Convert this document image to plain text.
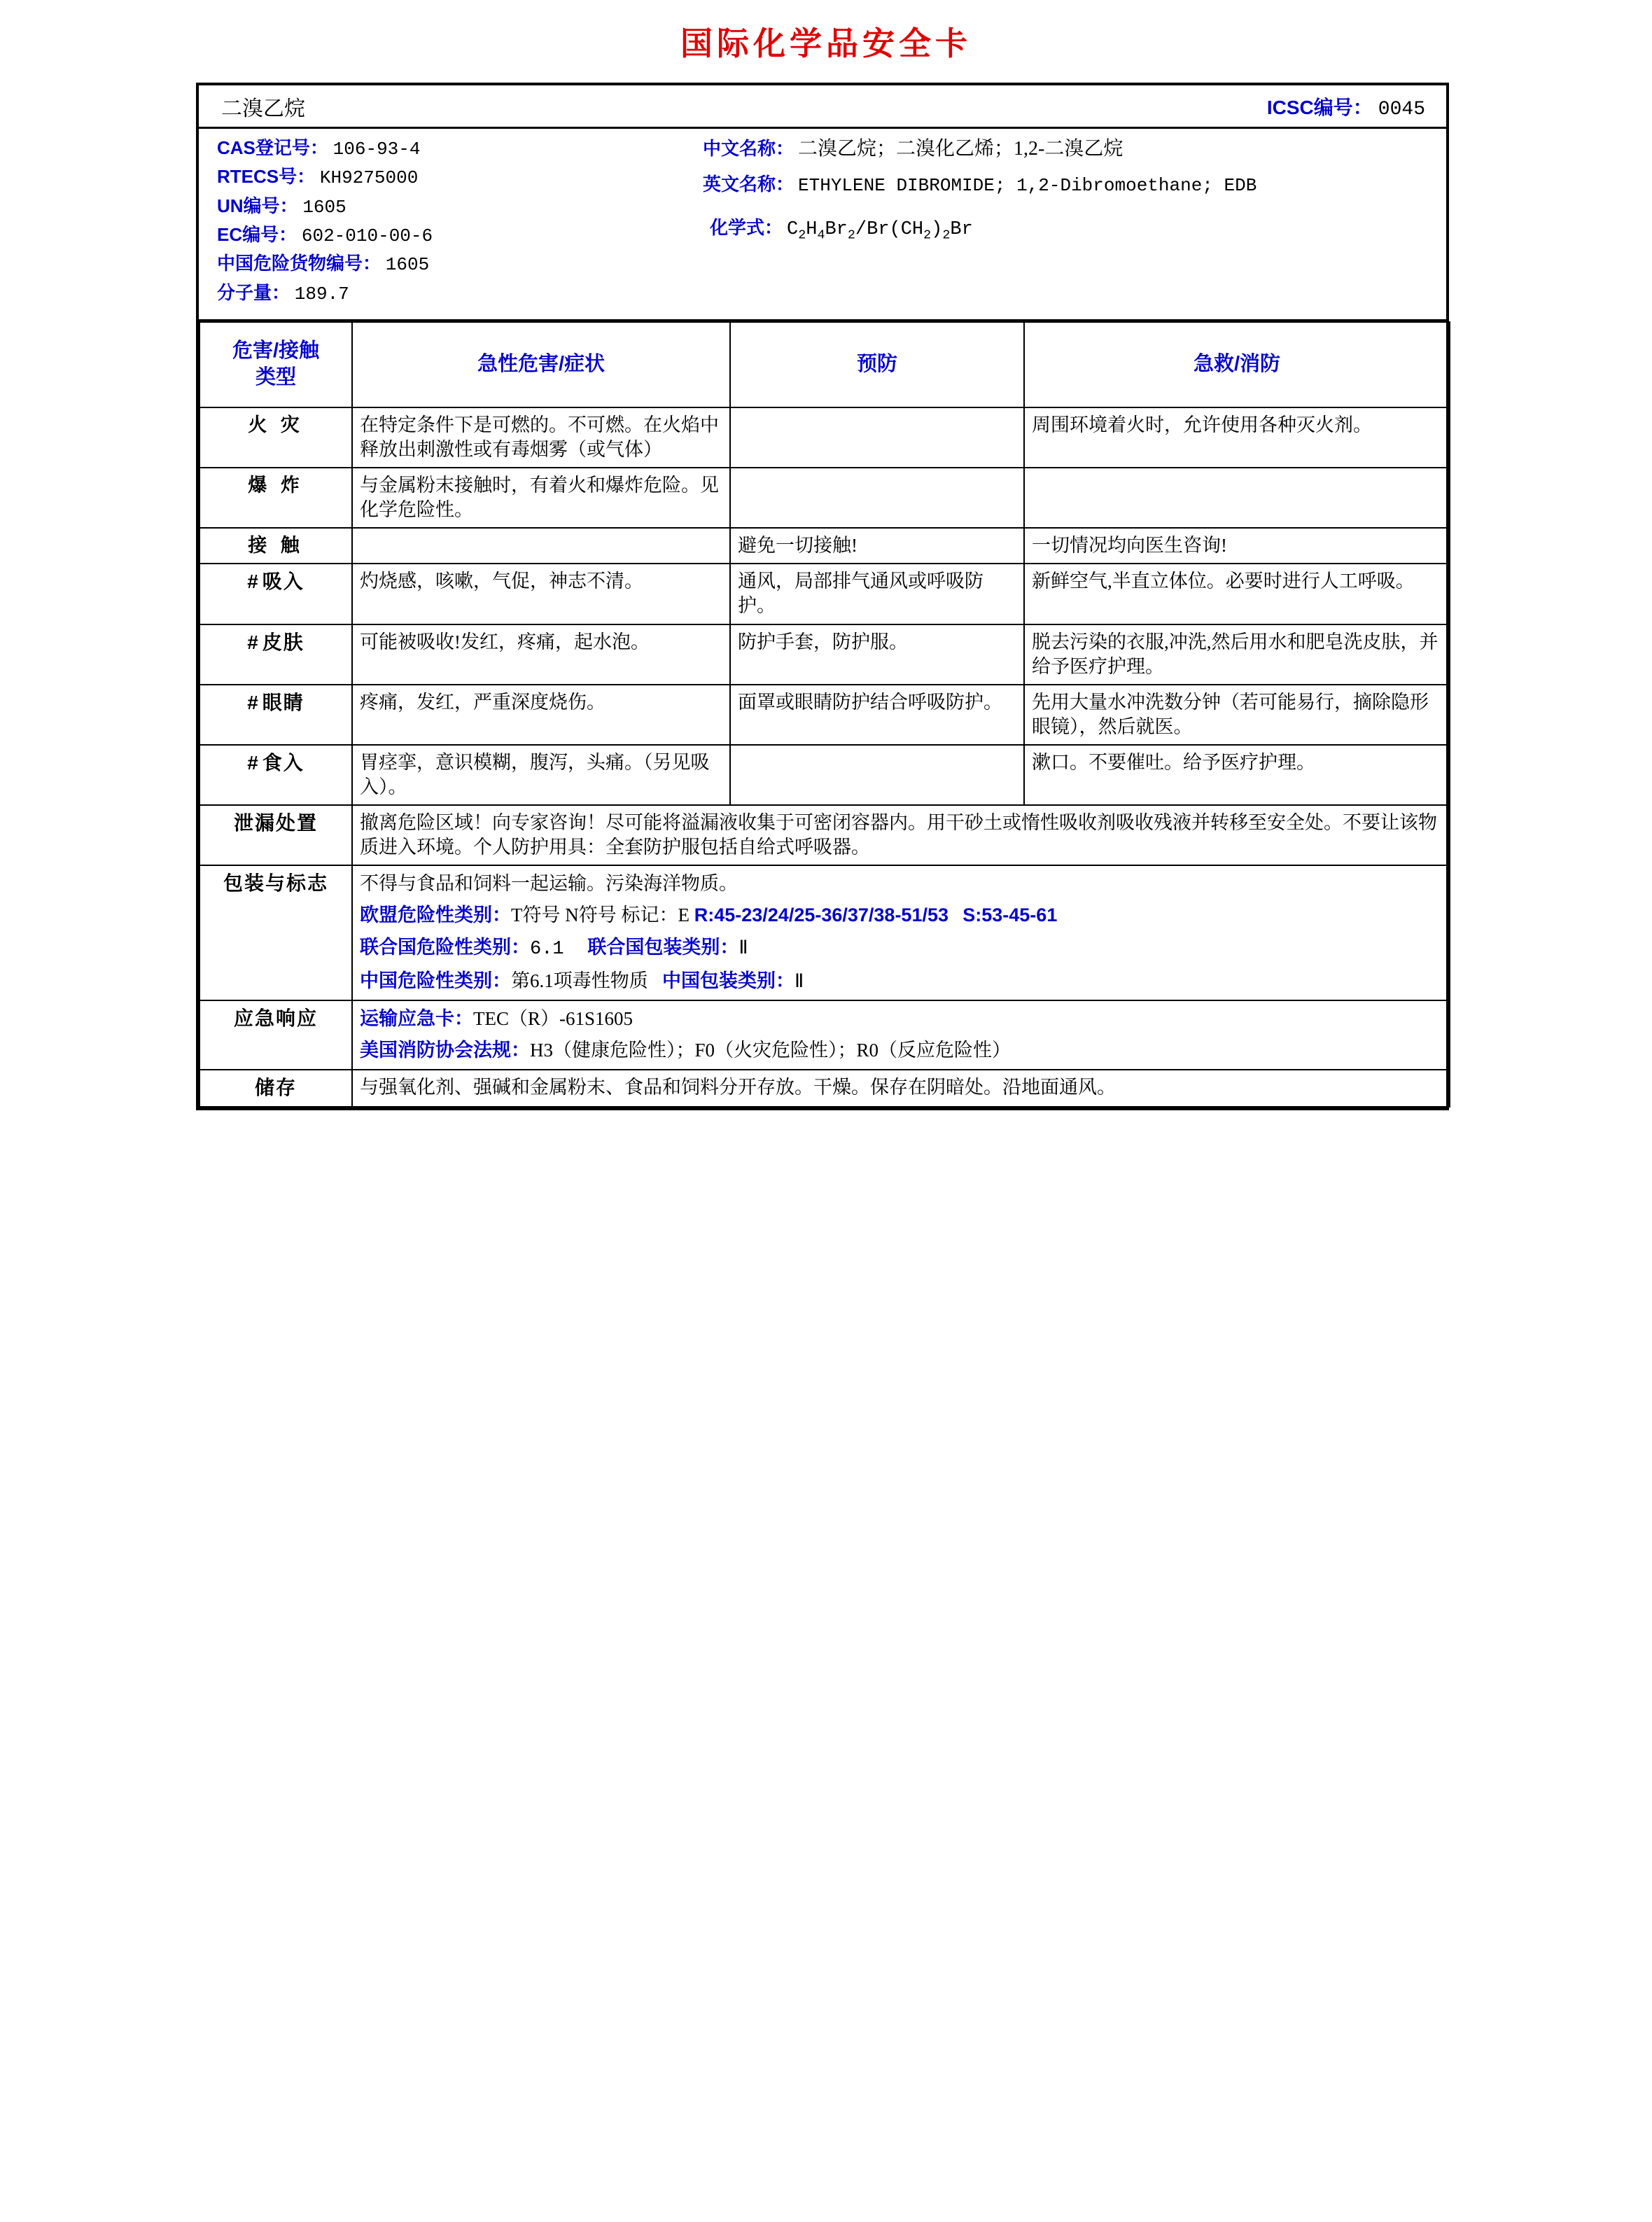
国际化学品安全卡
二溴乙烷	ICSC编号： 0045
CAS登记号： 106-93-4
RTECS号： KH9275000
UN编号： 1605
EC编号： 602-010-00-6
中国危险货物编号： 1605
分子量： 189.7
中文名称： 二溴乙烷；二溴化乙烯；1,2-二溴乙烷
英文名称： ETHYLENE DIBROMIDE; 1,2-Dibromoethane; EDB
化学式： $C_2H_4Br_2/Br(CH_2)_2Br$
危害/接触
类型	急性危害/症状	预防	急救/消防
火 灾	在特定条件下是可燃的。不可燃。在火焰中释放出刺激性或有毒烟雾（或气体）		周围环境着火时，允许使用各种灭火剂。
爆 炸	与金属粉末接触时，有着火和爆炸危险。见化学危险性。		
接 触		避免一切接触!	一切情况均向医生咨询!
# 吸入	灼烧感，咳嗽，气促，神志不清。	通风，局部排气通风或呼吸防护。	新鲜空气,半直立体位。必要时进行人工呼吸。
# 皮肤	可能被吸收!发红，疼痛，起水泡。	防护手套，防护服。	脱去污染的衣服,冲洗,然后用水和肥皂洗皮肤，并给予医疗护理。
# 眼睛	疼痛，发红，严重深度烧伤。	面罩或眼睛防护结合呼吸防护。	先用大量水冲洗数分钟（若可能易行，摘除隐形眼镜），然后就医。
# 食入	胃痉挛，意识模糊，腹泻，头痛。（另见吸入）。		漱口。不要催吐。给予医疗护理。
泄漏处置	撤离危险区域！向专家咨询！尽可能将溢漏液收集于可密闭容器内。用干砂土或惰性吸收剂吸收残液并转移至安全处。不要让该物质进入环境。个人防护用具：全套防护服包括自给式呼吸器。		
包装与标志	不得与食品和饲料一起运输。污染海洋物质。
欧盟危险性类别：T符号 N符号 标记：E R:45-23/24/25-36/37/38-51/53 S:53-45-61
联合国危险性类别：6.1 联合国包装类别：Ⅱ
中国危险性类别：第6.1项毒性物质 中国包装类别：Ⅱ		

应急响应	运输应急卡：TEC（R）-61S1605
美国消防协会法规：H3（健康危险性）；F0（火灾危险性）；R0（反应危险性）		

储存	与强氧化剂、强碱和金属粉末、食品和饲料分开存放。干燥。保存在阴暗处。沿地面通风。		
